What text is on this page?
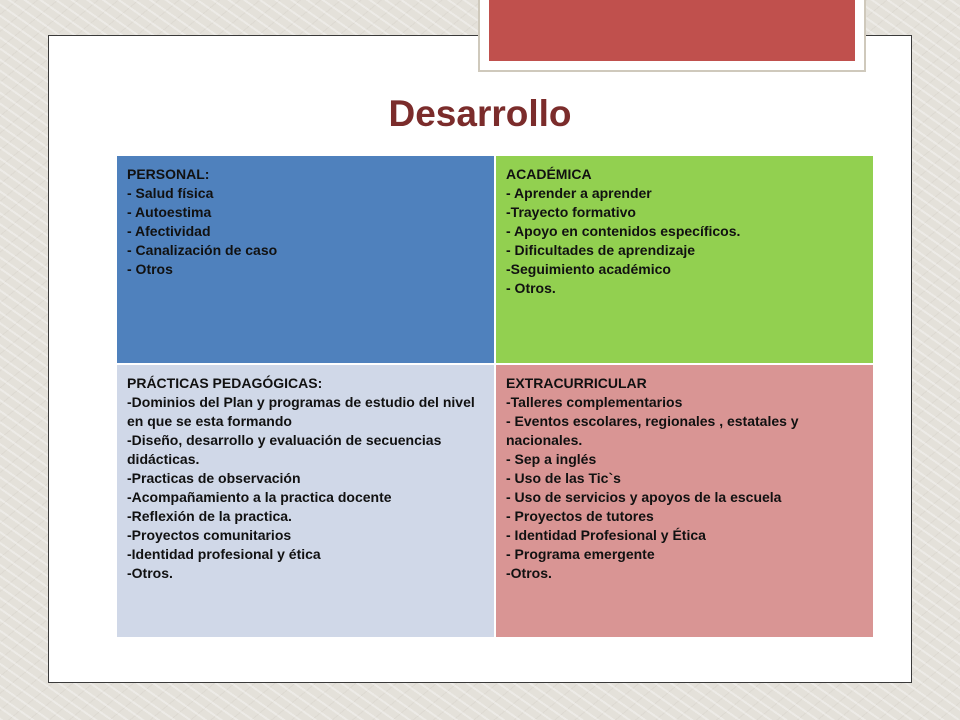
Desarrollo
PERSONAL:
- Salud física
- Autoestima
- Afectividad
- Canalización de caso
- Otros
ACADÉMICA
- Aprender a aprender
-Trayecto formativo
- Apoyo en contenidos específicos.
- Dificultades de aprendizaje
-Seguimiento académico
- Otros.
PRÁCTICAS PEDAGÓGICAS:
-Dominios del Plan y programas de estudio del nivel en que se esta formando
-Diseño, desarrollo y evaluación de secuencias didácticas.
-Practicas de observación
-Acompañamiento a la practica docente
-Reflexión de la practica.
-Proyectos comunitarios
-Identidad profesional y ética
-Otros.
EXTRACURRICULAR
-Talleres complementarios
- Eventos escolares, regionales , estatales y nacionales.
- Sep a inglés
- Uso de las Tic`s
- Uso de servicios y apoyos de la escuela
- Proyectos de tutores
- Identidad Profesional y Ética
- Programa emergente
-Otros.
